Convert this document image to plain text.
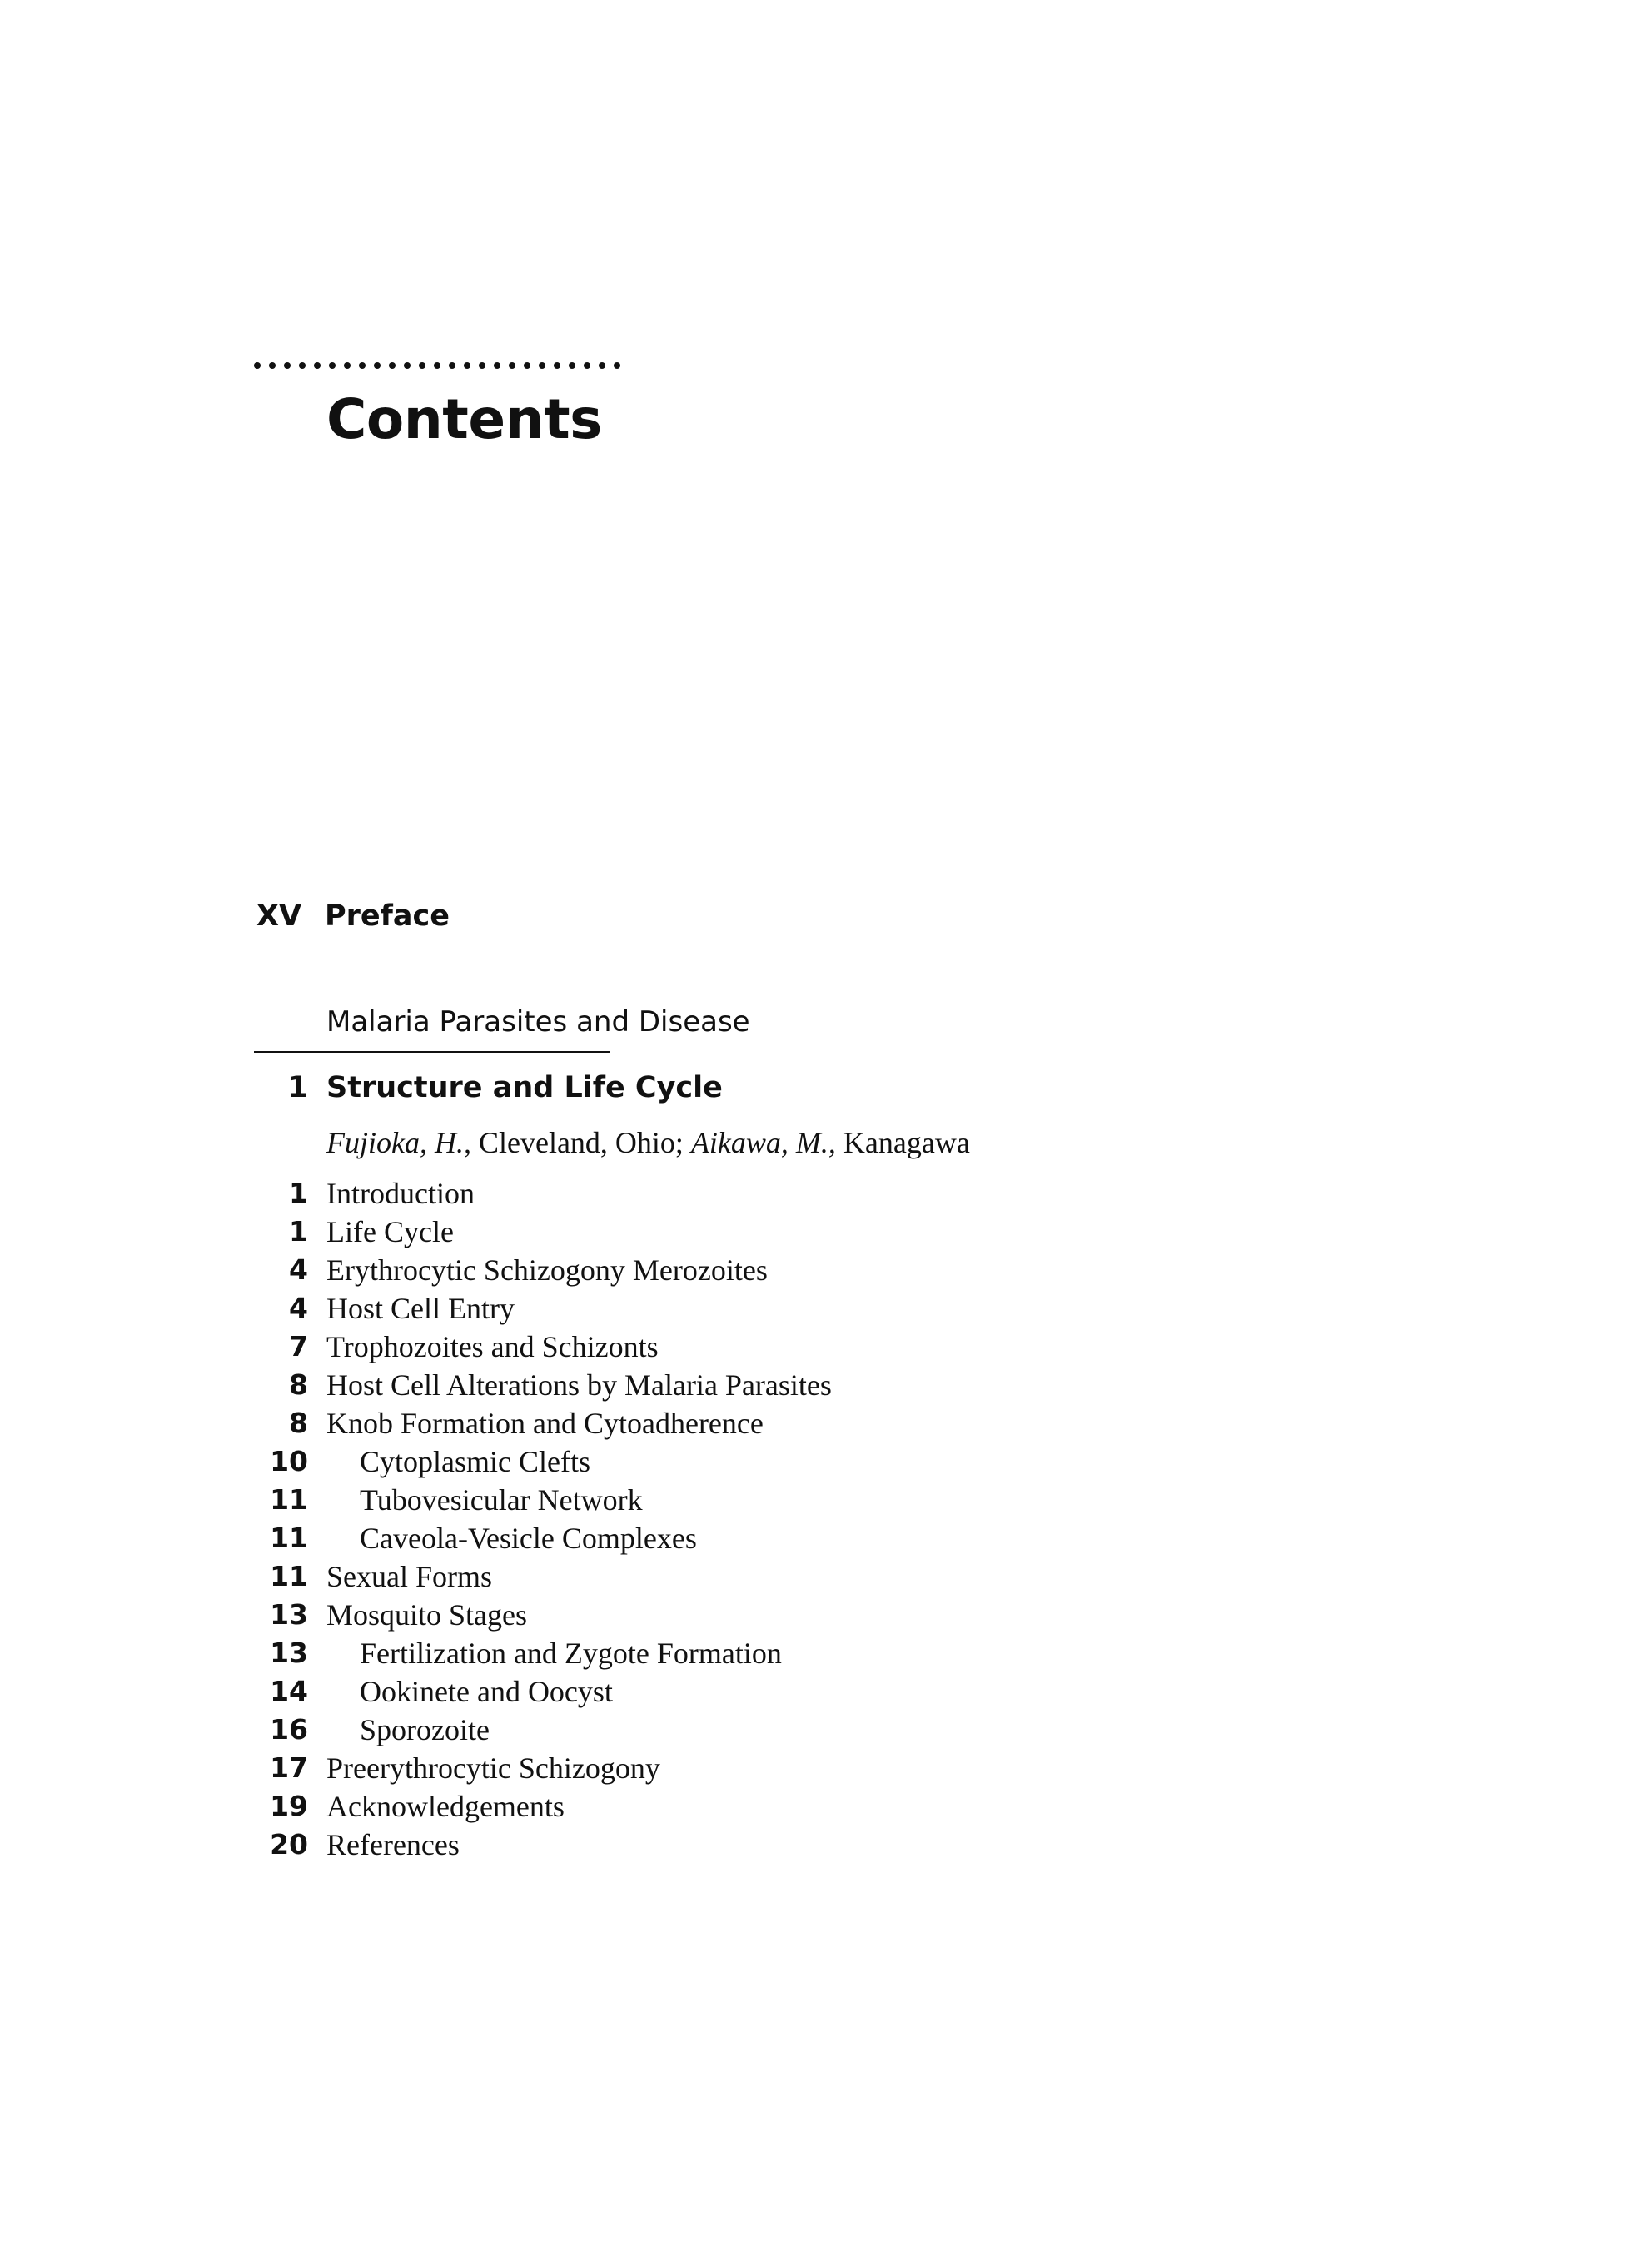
Contents
XV Preface
Malaria Parasites and Disease
1 Structure and Life Cycle
Fujioka, H., Cleveland, Ohio; Aikawa, M., Kanagawa
1 Introduction
1 Life Cycle
4 Erythrocytic Schizogony Merozoites
4 Host Cell Entry
7 Trophozoites and Schizonts
8 Host Cell Alterations by Malaria Parasites
8 Knob Formation and Cytoadherence
10	Cytoplasmic Clefts
11	Tubovesicular Network
11	Caveola-Vesicle Complexes
11 Sexual Forms
13 Mosquito Stages
13	Fertilization and Zygote Formation
14	Ookinete and Oocyst
16	Sporozoite
17 Preerythrocytic Schizogony
19 Acknowledgements
20 References
